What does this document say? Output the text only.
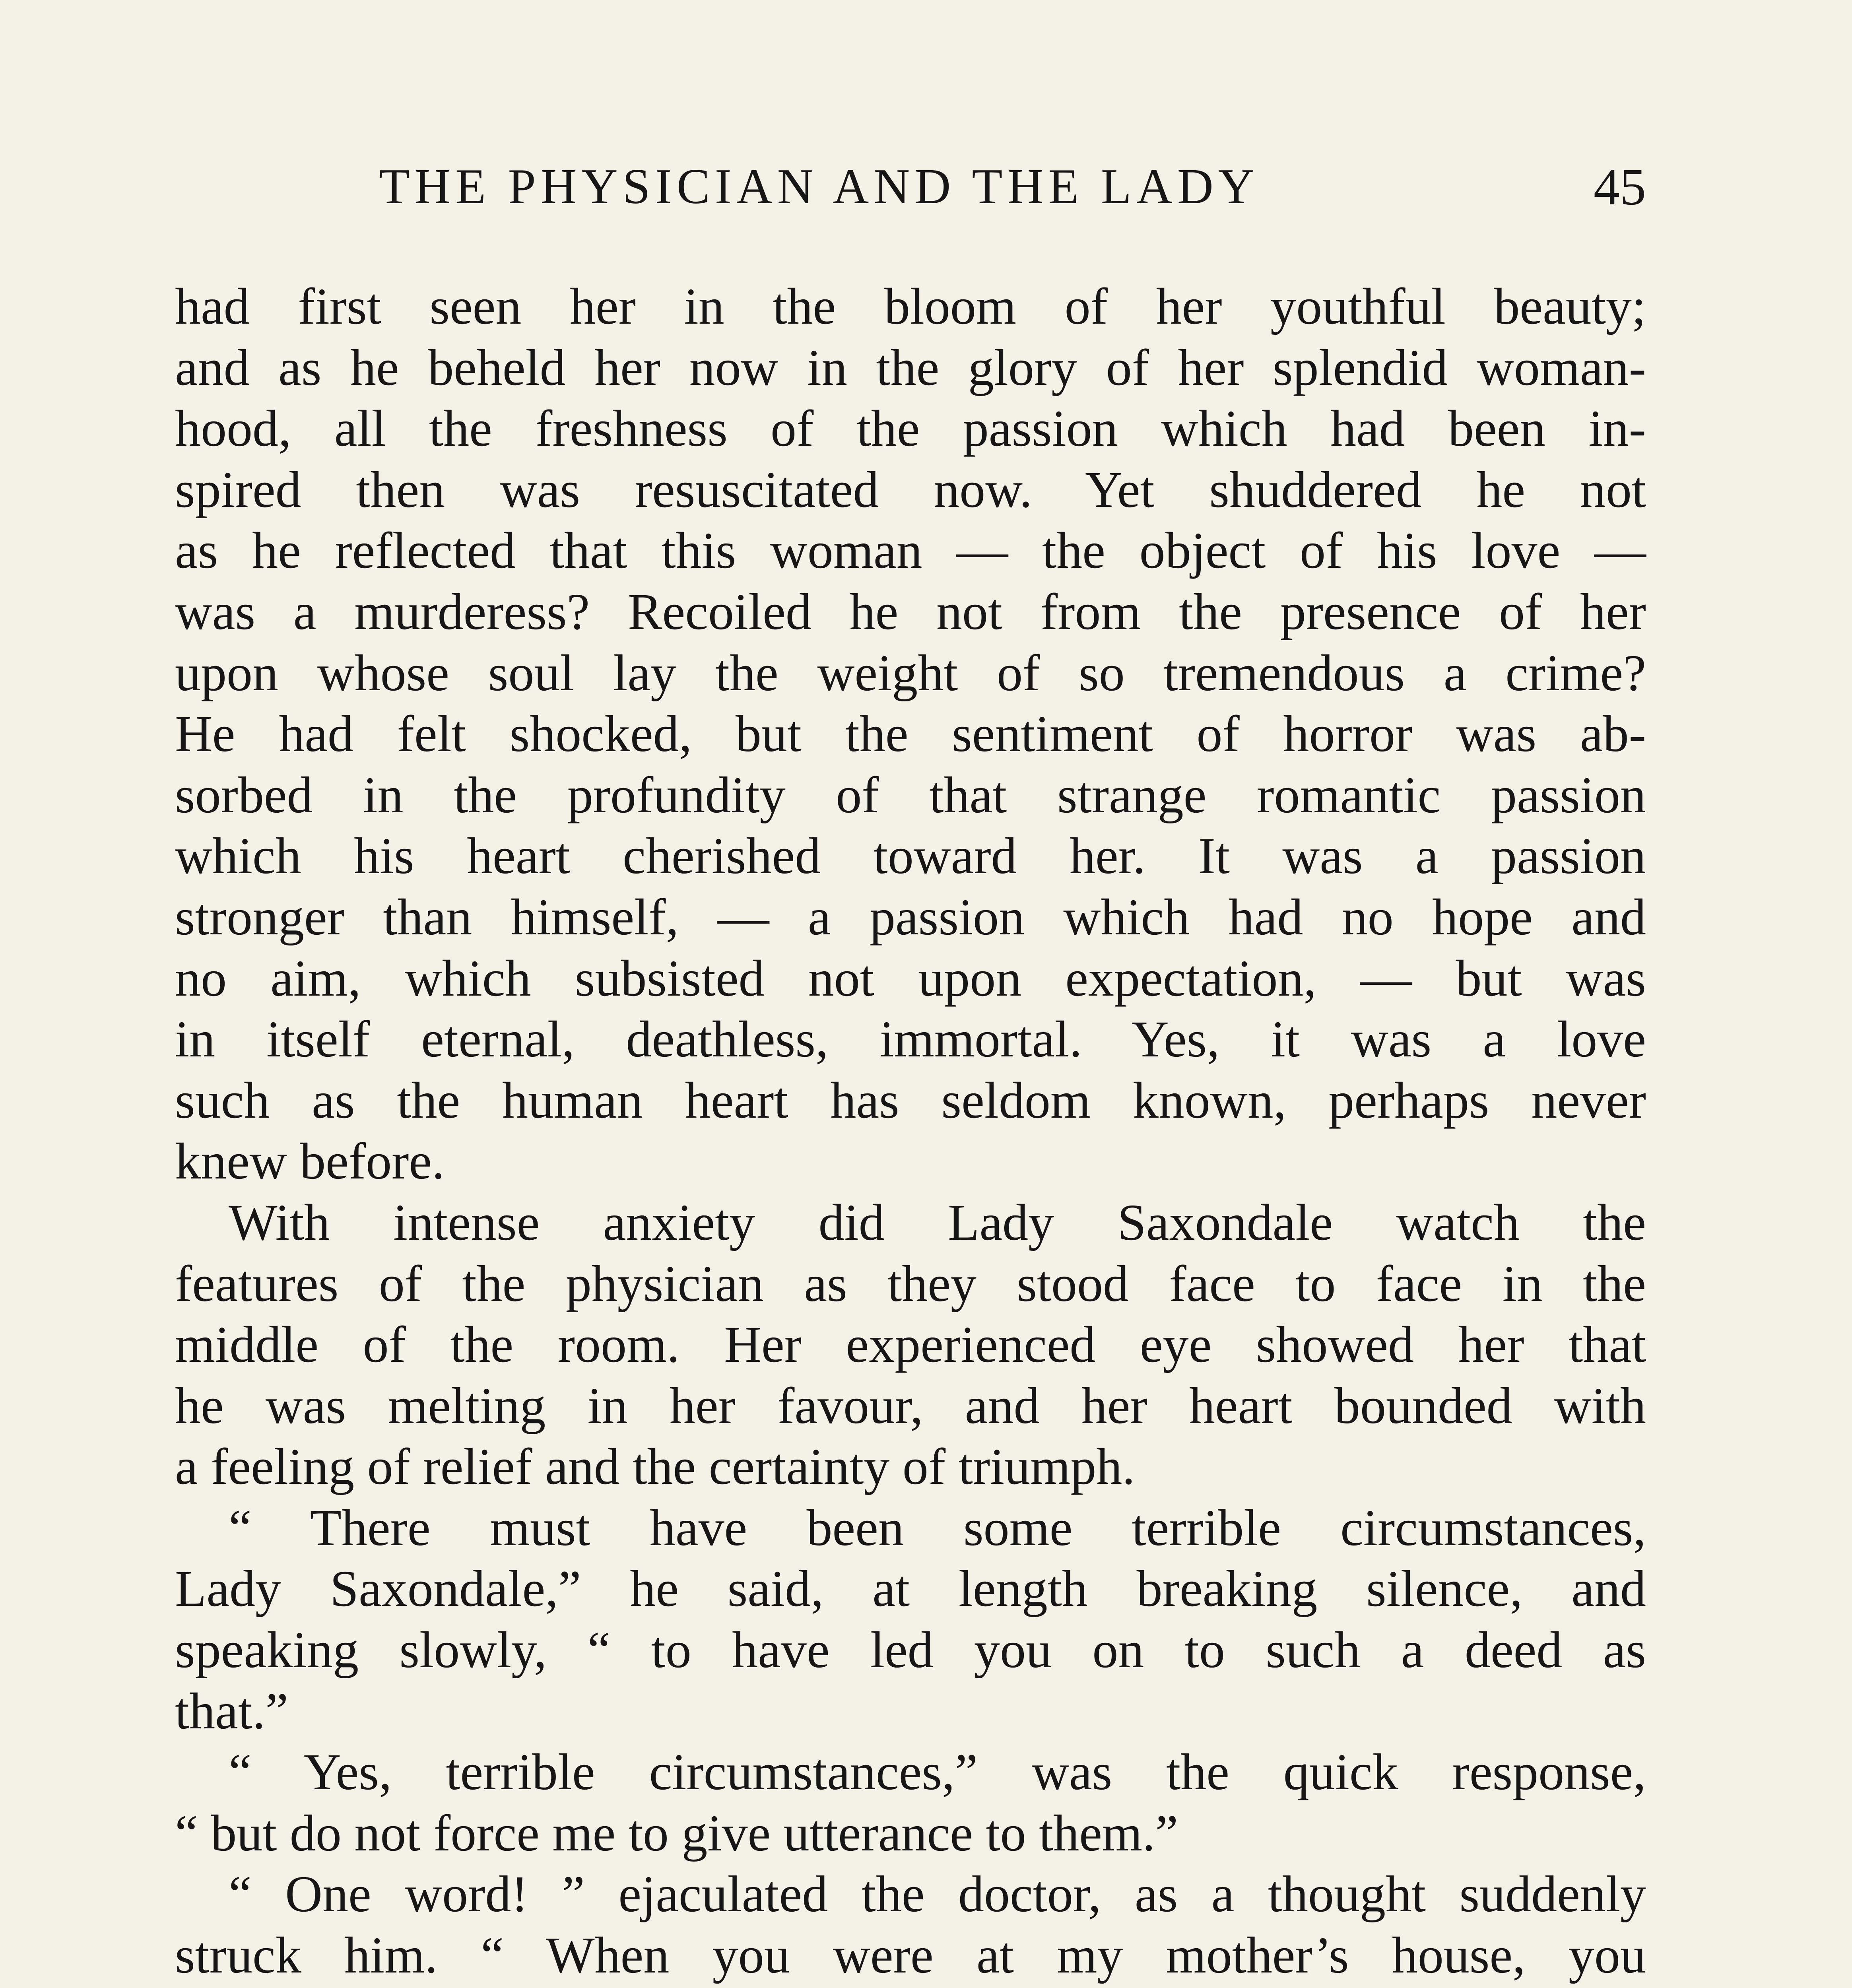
THE PHYSICIAN AND THE LADY	45
had first seen her in the bloom of her youthful beauty;
and as he beheld her now in the glory of her splendid woman-
hood, all the freshness of the passion which had been in-
spired then was resuscitated now. Yet shuddered he not
as he reflected that this woman — the object of his love —
was a murderess? Recoiled he not from the presence of her
upon whose soul lay the weight of so tremendous a crime?
He had felt shocked, but the sentiment of horror was ab-
sorbed in the profundity of that strange romantic passion
which his heart cherished toward her. It was a passion
stronger than himself, — a passion which had no hope and
no aim, which subsisted not upon expectation, — but was
in itself eternal, deathless, immortal. Yes, it was a love
such as the human heart has seldom known, perhaps never
knew before.
With intense anxiety did Lady Saxondale watch the
features of the physician as they stood face to face in the
middle of the room. Her experienced eye showed her that
he was melting in her favour, and her heart bounded with
a feeling of relief and the certainty of triumph.
“ There must have been some terrible circumstances,
Lady Saxondale,” he said, at length breaking silence, and
speaking slowly, “ to have led you on to such a deed as
that.”
“ Yes, terrible circumstances,” was the quick response,
“ but do not force me to give utterance to them.”
“ One word! ” ejaculated the doctor, as a thought suddenly
struck him. “ When you were at my mother’s house, you
